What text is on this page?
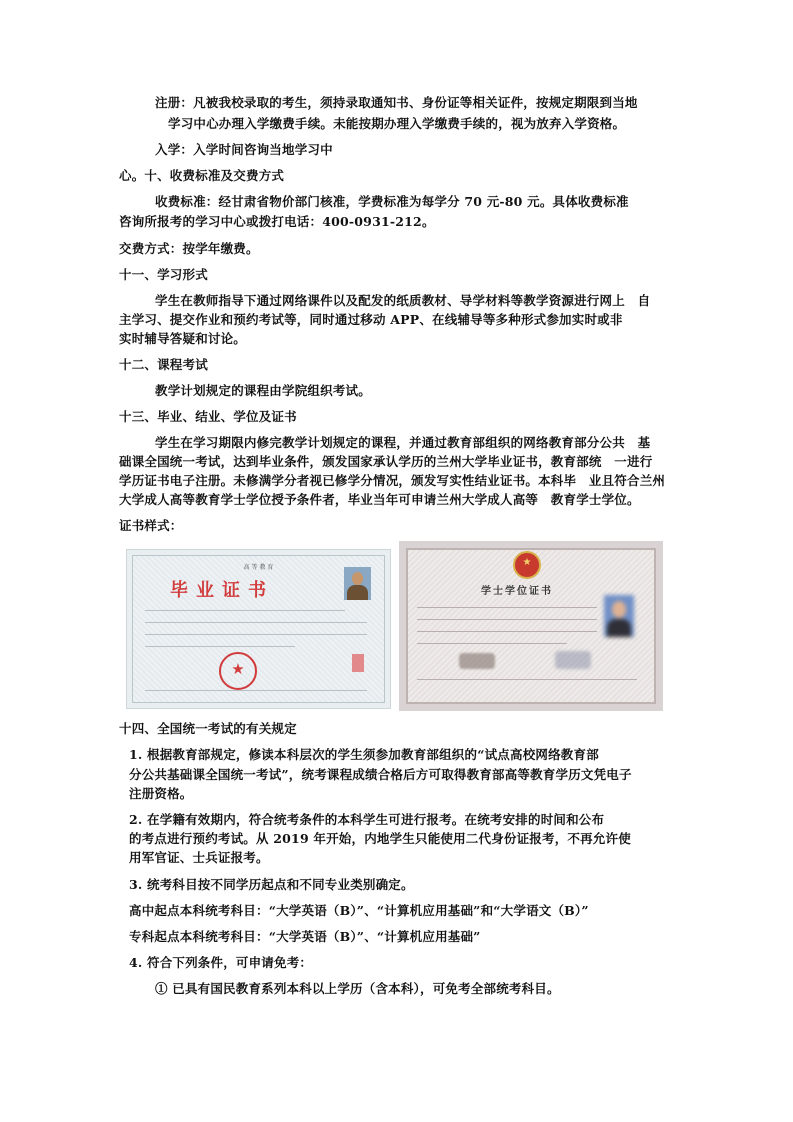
注册：凡被我校录取的考生，须持录取通知书、身份证等相关证件，按规定期限到当地
学习中心办理入学缴费手续。未能按期办理入学缴费手续的，视为放弃入学资格。
入学：入学时间咨询当地学习中
心。十、收费标准及交费方式
收费标准：经甘肃省物价部门核准，学费标准为每学分 70 元-80 元。具体收费标准
咨询所报考的学习中心或拨打电话：400-0931-212。
交费方式：按学年缴费。
十一、学习形式
学生在教师指导下通过网络课件以及配发的纸质教材、导学材料等教学资源进行网上　自
主学习、提交作业和预约考试等，同时通过移动 APP、在线辅导等多种形式参加实时或非
实时辅导答疑和讨论。
十二、课程考试
教学计划规定的课程由学院组织考试。
十三、毕业、结业、学位及证书
学生在学习期限内修完教学计划规定的课程，并通过教育部组织的网络教育部分公共　基
础课全国统一考试，达到毕业条件，颁发国家承认学历的兰州大学毕业证书，教育部统　一进行
学历证书电子注册。未修满学分者视已修学分情况，颁发写实性结业证书。本科毕　业且符合兰州
大学成人高等教育学士学位授予条件者，毕业当年可申请兰州大学成人高等　教育学士学位。
证书样式：
高 等 教 育
毕业证书
★
★
学士学位证书
十四、全国统一考试的有关规定
1. 根据教育部规定，修读本科层次的学生须参加教育部组织的“试点高校网络教育部
分公共基础课全国统一考试”，统考课程成绩合格后方可取得教育部高等教育学历文凭电子
注册资格。
2. 在学籍有效期内，符合统考条件的本科学生可进行报考。在统考安排的时间和公布
的考点进行预约考试。从 2019 年开始，内地学生只能使用二代身份证报考，不再允许使
用军官证、士兵证报考。
3. 统考科目按不同学历起点和不同专业类别确定。
高中起点本科统考科目：“大学英语（B）”、“计算机应用基础”和“大学语文（B）”
专科起点本科统考科目：“大学英语（B）”、“计算机应用基础”
4. 符合下列条件，可申请免考：
① 已具有国民教育系列本科以上学历（含本科），可免考全部统考科目。
